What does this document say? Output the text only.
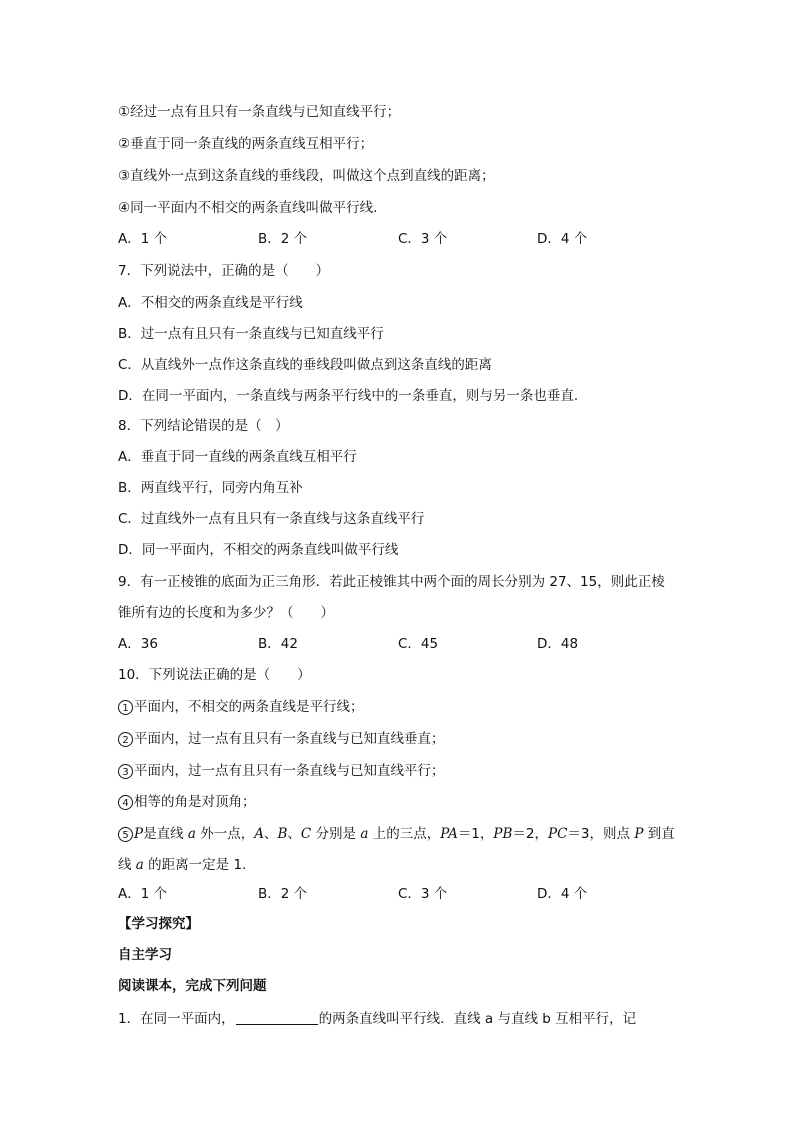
①经过一点有且只有一条直线与已知直线平行；
②垂直于同一条直线的两条直线互相平行；
③直线外一点到这条直线的垂线段，叫做这个点到直线的距离；
④同一平面内不相交的两条直线叫做平行线.
A．1 个	B．2 个	C．3 个	D．4 个
7．下列说法中，正确的是（　　）
A．不相交的两条直线是平行线
B．过一点有且只有一条直线与已知直线平行
C．从直线外一点作这条直线的垂线段叫做点到这条直线的距离
D．在同一平面内，一条直线与两条平行线中的一条垂直，则与另一条也垂直.
8．下列结论错误的是（　）
A．垂直于同一直线的两条直线互相平行
B．两直线平行，同旁内角互补
C．过直线外一点有且只有一条直线与这条直线平行
D．同一平面内，不相交的两条直线叫做平行线
9．有一正棱锥的底面为正三角形．若此正棱锥其中两个面的周长分别为 27、15，则此正棱
锥所有边的长度和为多少？（　　）
A．36	B．42	C．45	D．48
10．下列说法正确的是（　　）
1 平面内，不相交的两条直线是平行线；
2 平面内，过一点有且只有一条直线与已知直线垂直；
3 平面内，过一点有且只有一条直线与已知直线平行；
4 相等的角是对顶角；
5 P是直线 a 外一点，A、B、C 分别是 a 上的三点，PA＝1，PB＝2，PC＝3，则点 P 到直
线 a 的距离一定是 1.
A．1 个	B．2 个	C．3 个	D．4 个
【学习探究】
自主学习
阅读课本，完成下列问题
1．在同一平面内，	的两条直线叫平行线．直线 a 与直线 b 互相平行，记
